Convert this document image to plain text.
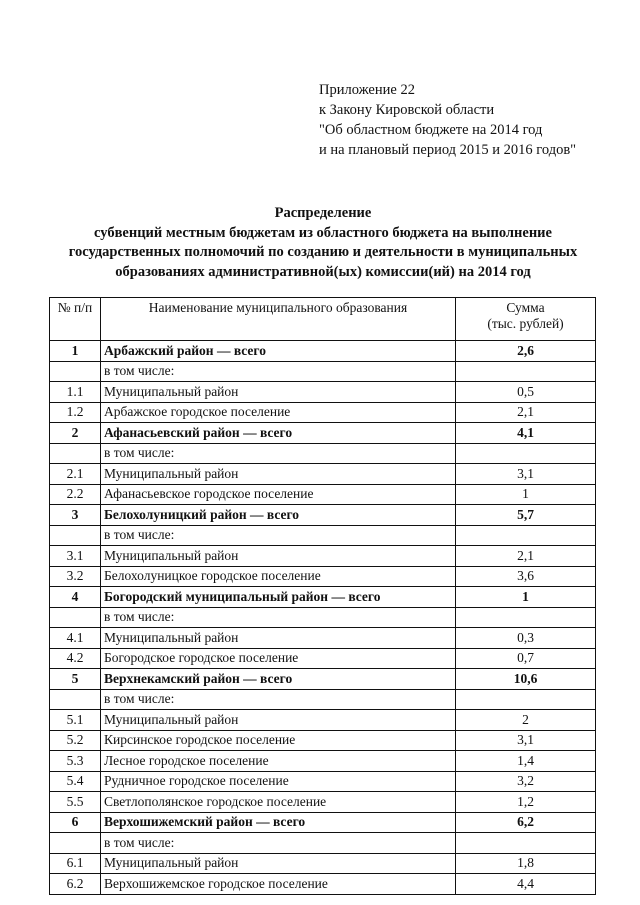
Приложение 22
к Закону Кировской области
"Об областном бюджете на 2014 год
и на плановый период 2015 и 2016 годов"
Распределение
субвенций местным бюджетам из областного бюджета на выполнение
государственных полномочий по созданию и деятельности в муниципальных
образованиях административной(ых) комиссии(ий) на 2014 год
№ п/п	Наименование муниципального образования	Сумма
(тыс. рублей)

1	Арбажский район — всего	2,6
	в том числе:	
1.1	Муниципальный район	0,5
1.2	Арбажское городское поселение	2,1
2	Афанасьевский район — всего	4,1
	в том числе:	
2.1	Муниципальный район	3,1
2.2	Афанасьевское городское поселение	1
3	Белохолуницкий район — всего	5,7
	в том числе:	
3.1	Муниципальный район	2,1
3.2	Белохолуницкое городское поселение	3,6
4	Богородский муниципальный район — всего	1
	в том числе:	
4.1	Муниципальный район	0,3
4.2	Богородское городское поселение	0,7
5	Верхнекамский район — всего	10,6
	в том числе:	
5.1	Муниципальный район	2
5.2	Кирсинское городское поселение	3,1
5.3	Лесное городское поселение	1,4
5.4	Рудничное городское поселение	3,2
5.5	Светлополянское городское поселение	1,2
6	Верхошижемский район — всего	6,2
	в том числе:	
6.1	Муниципальный район	1,8
6.2	Верхошижемское городское поселение	4,4
